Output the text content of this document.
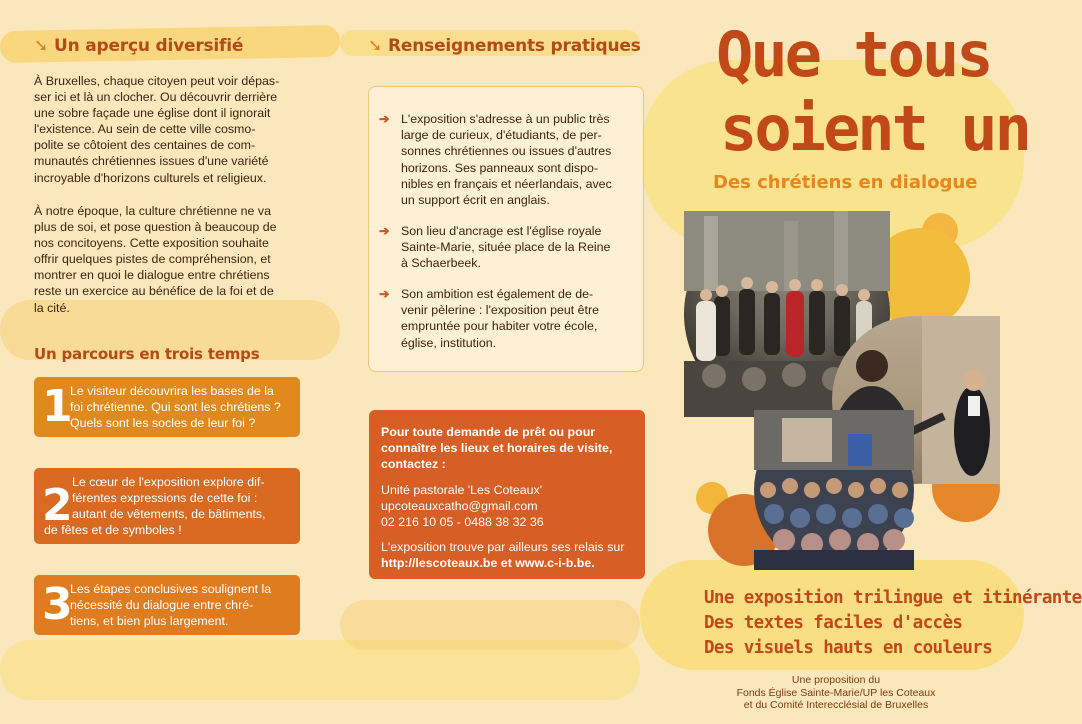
➘ Un aperçu diversifié
À Bruxelles, chaque citoyen peut voir dépas-
ser ici et là un clocher. Ou découvrir derrière
une sobre façade une église dont il ignorait
l'existence. Au sein de cette ville cosmo-
polite se côtoient des centaines de com-
munautés chrétiennes issues d'une variété
incroyable d'horizons culturels et religieux.
À notre époque, la culture chrétienne ne va
plus de soi, et pose question à beaucoup de
nos concitoyens. Cette exposition souhaite
offrir quelques pistes de compréhension, et
montrer en quoi le dialogue entre chrétiens
reste un exercice au bénéfice de la foi et de
la cité.
Un parcours en trois temps
1
Le visiteur découvrira les bases de la
foi chrétienne. Qui sont les chrétiens ?
Quels sont les socles de leur foi ?
2 Le cœur de l'exposition explore dif-
férentes expressions de cette foi :
autant de vêtements, de bâtiments,
de fêtes et de symboles !
3
Les étapes conclusives soulignent la
nécessité du dialogue entre chré-
tiens, et bien plus largement.
➘ Renseignements pratiques
➔ L'exposition s'adresse à un public très
large de curieux, d'étudiants, de per-
sonnes chrétiennes ou issues d'autres
horizons. Ses panneaux sont dispo-
nibles en français et néerlandais, avec
un support écrit en anglais.
➔ Son lieu d'ancrage est l'église royale
Sainte-Marie, située place de la Reine
à Schaerbeek.
➔ Son ambition est également de de-
venir pèlerine : l'exposition peut être
empruntée pour habiter votre école,
église, institution.
Pour toute demande de prêt ou pour
connaître les lieux et horaires de visite,
contactez :
Unité pastorale 'Les Coteaux'
upcoteauxcatho@gmail.com
02 216 10 05 - 0488 38 32 36
L'exposition trouve par ailleurs ses relais sur
http://lescoteaux.be et www.c-i-b.be.
Que tous
soient un
Des chrétiens en dialogue
Une exposition trilingue et itinérante
Des textes faciles d'accès
Des visuels hauts en couleurs
Une proposition du
Fonds Église Sainte-Marie/UP les Coteaux
et du Comité Interecclésial de Bruxelles
